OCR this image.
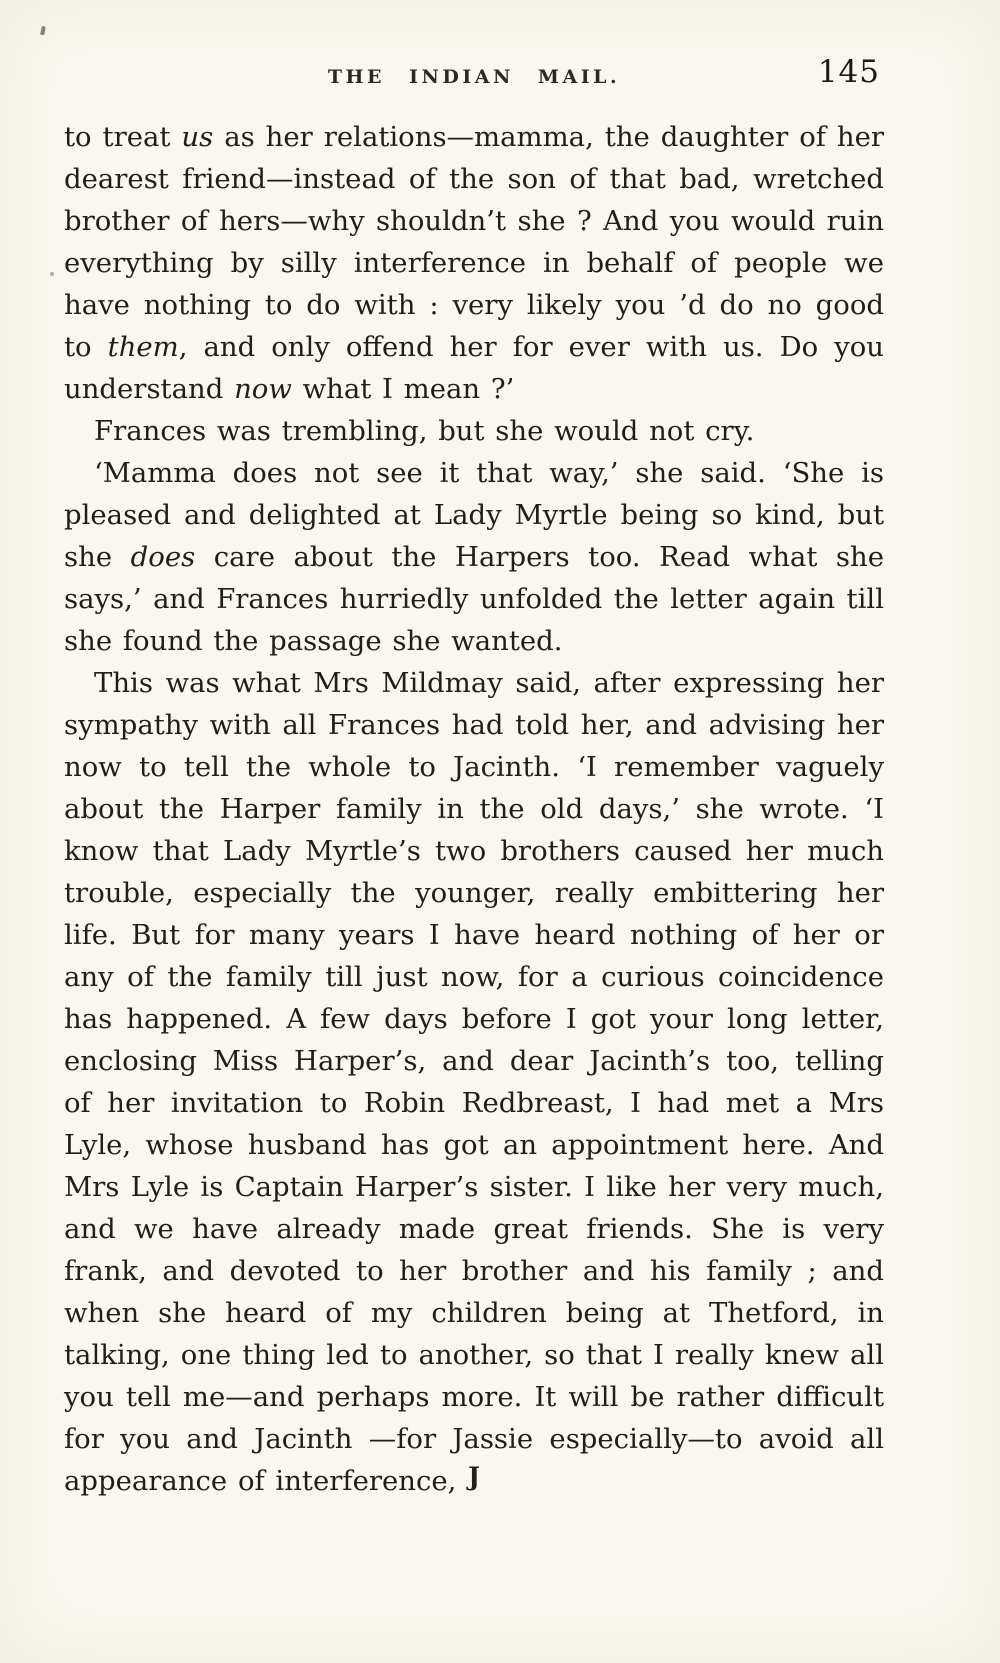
THE INDIAN MAIL.	145

to treat us as her relations—mamma, the daughter of her dearest friend—instead of the son of that bad, wretched brother of hers—why shouldn’t she ? And you would ruin everything by silly interference in behalf of people we have nothing to do with : very likely you ’d do no good to them, and only offend her for ever with us. Do you understand now what I mean ?’

Frances was trembling, but she would not cry.

‘Mamma does not see it that way,’ she said. ‘She is pleased and delighted at Lady Myrtle being so kind, but she does care about the Harpers too. Read what she says,’ and Frances hurriedly unfolded the letter again till she found the passage she wanted.

This was what Mrs Mildmay said, after expressing her sympathy with all Frances had told her, and advising her now to tell the whole to Jacinth. ‘I remember vaguely about the Harper family in the old days,’ she wrote. ‘I know that Lady Myrtle’s two brothers caused her much trouble, especially the younger, really embittering her life. But for many years I have heard nothing of her or any of the family till just now, for a curious coincidence has happened. A few days before I got your long letter, enclosing Miss Harper’s, and dear Jacinth’s too, telling of her invitation to Robin Redbreast, I had met a Mrs Lyle, whose husband has got an appointment here. And Mrs Lyle is Captain Harper’s sister. I like her very much, and we have already made great friends. She is very frank, and devoted to her brother and his family ; and when she heard of my children being at Thetford, in talking, one thing led to another, so that I really knew all you tell me—and perhaps more. It will be rather difficult for you and Jacinth —for Jassie especially—to avoid all appearance of interference, J
